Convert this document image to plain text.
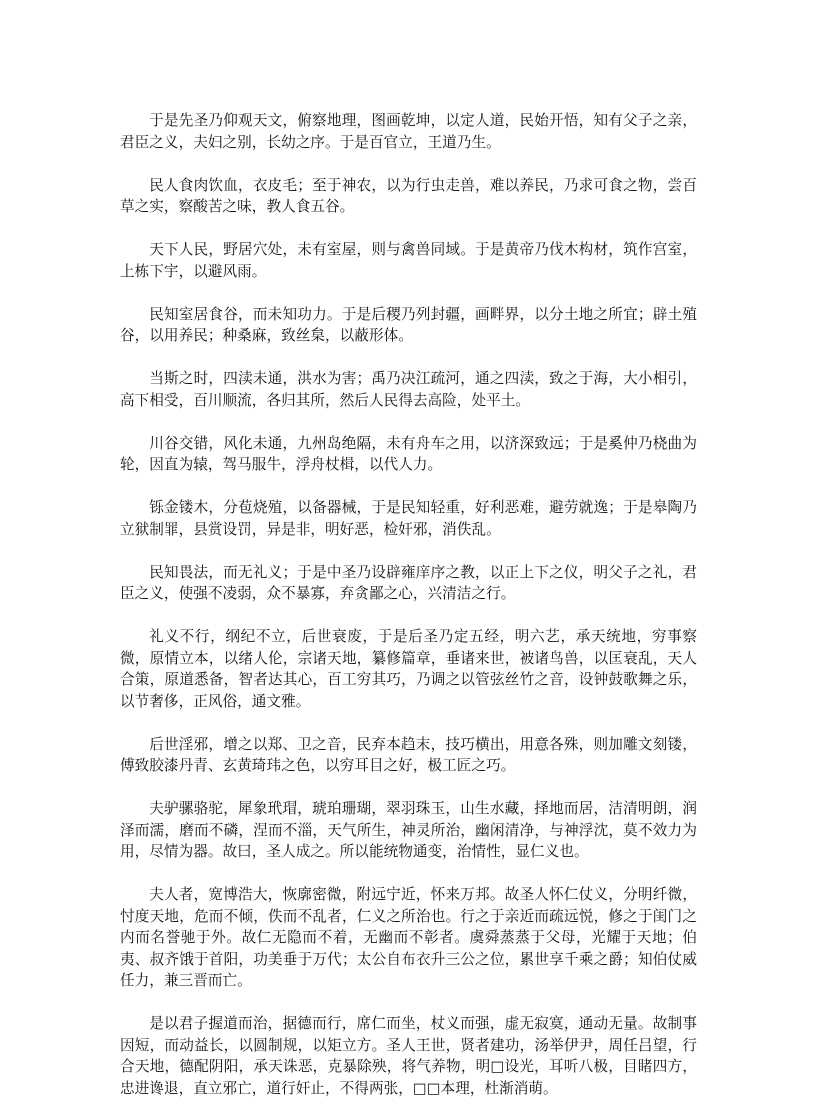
于是先圣乃仰观天文，俯察地理，图画乾坤，以定人道，民始开悟，知有父子之亲，君臣之义，夫妇之别，长幼之序。于是百官立，王道乃生。

民人食肉饮血，衣皮毛；至于神农，以为行虫走兽，难以养民，乃求可食之物，尝百草之实，察酸苦之味，教人食五谷。

天下人民，野居穴处，未有室屋，则与禽兽同域。于是黄帝乃伐木构材，筑作宫室，上栋下宇，以避风雨。

民知室居食谷，而未知功力。于是后稷乃列封疆，画畔界，以分土地之所宜；辟土殖谷，以用养民；种桑麻，致丝枲，以蔽形体。

当斯之时，四渎未通，洪水为害；禹乃决江疏河，通之四渎，致之于海，大小相引，高下相受，百川顺流，各归其所，然后人民得去高险，处平土。

川谷交错，风化未通，九州岛绝隔，未有舟车之用，以济深致远；于是奚仲乃桡曲为轮，因直为辕，驾马服牛，浮舟杖楫，以代人力。

铄金镂木，分苞烧殖，以备器械，于是民知轻重，好利恶难，避劳就逸；于是皋陶乃立狱制罪，县赏设罚，异是非，明好恶，检奸邪，消佚乱。

民知畏法，而无礼义；于是中圣乃设辟雍庠序之教，以正上下之仪，明父子之礼，君臣之义，使强不凌弱，众不暴寡，弃贪鄙之心，兴清洁之行。

礼义不行，纲纪不立，后世衰废，于是后圣乃定五经，明六艺，承天统地，穷事察微，原情立本，以绪人伦，宗诸天地，纂修篇章，垂诸来世，被诸鸟兽，以匡衰乱，天人合策，原道悉备，智者达其心，百工穷其巧，乃调之以管弦丝竹之音，设钟鼓歌舞之乐，以节奢侈，正风俗，通文雅。

后世淫邪，增之以郑、卫之音，民弃本趋末，技巧横出，用意各殊，则加雕文刻镂，傅致胶漆丹青、玄黄琦玮之色，以穷耳目之好，极工匠之巧。

夫驴骡骆驼，犀象玳瑁，琥珀珊瑚，翠羽珠玉，山生水藏，择地而居，洁清明朗，润泽而濡，磨而不磷，涅而不淄，天气所生，神灵所治，幽闲清净，与神浮沈，莫不效力为用，尽情为器。故曰，圣人成之。所以能统物通变，治情性，显仁义也。

夫人者，宽博浩大，恢廓密微，附远宁近，怀来万邦。故圣人怀仁仗义，分明纤微，忖度天地，危而不倾，佚而不乱者，仁义之所治也。行之于亲近而疏远悦，修之于闺门之内而名誉驰于外。故仁无隐而不着，无幽而不彰者。虞舜蒸蒸于父母，光耀于天地；伯夷、叔齐饿于首阳，功美垂于万代；太公自布衣升三公之位，累世享千乘之爵；知伯仗威任力，兼三晋而亡。

是以君子握道而治，据德而行，席仁而坐，杖义而强，虚无寂寞，通动无量。故制事因短，而动益长，以圆制规，以矩立方。圣人王世，贤者建功，汤举伊尹，周任吕望，行合天地，德配阴阳，承天诛恶，克暴除殃，将气养物，明□设光，耳听八极，目睹四方，忠进谗退，直立邪亡，道行奸止，不得两张，□□本理，杜渐消萌。
